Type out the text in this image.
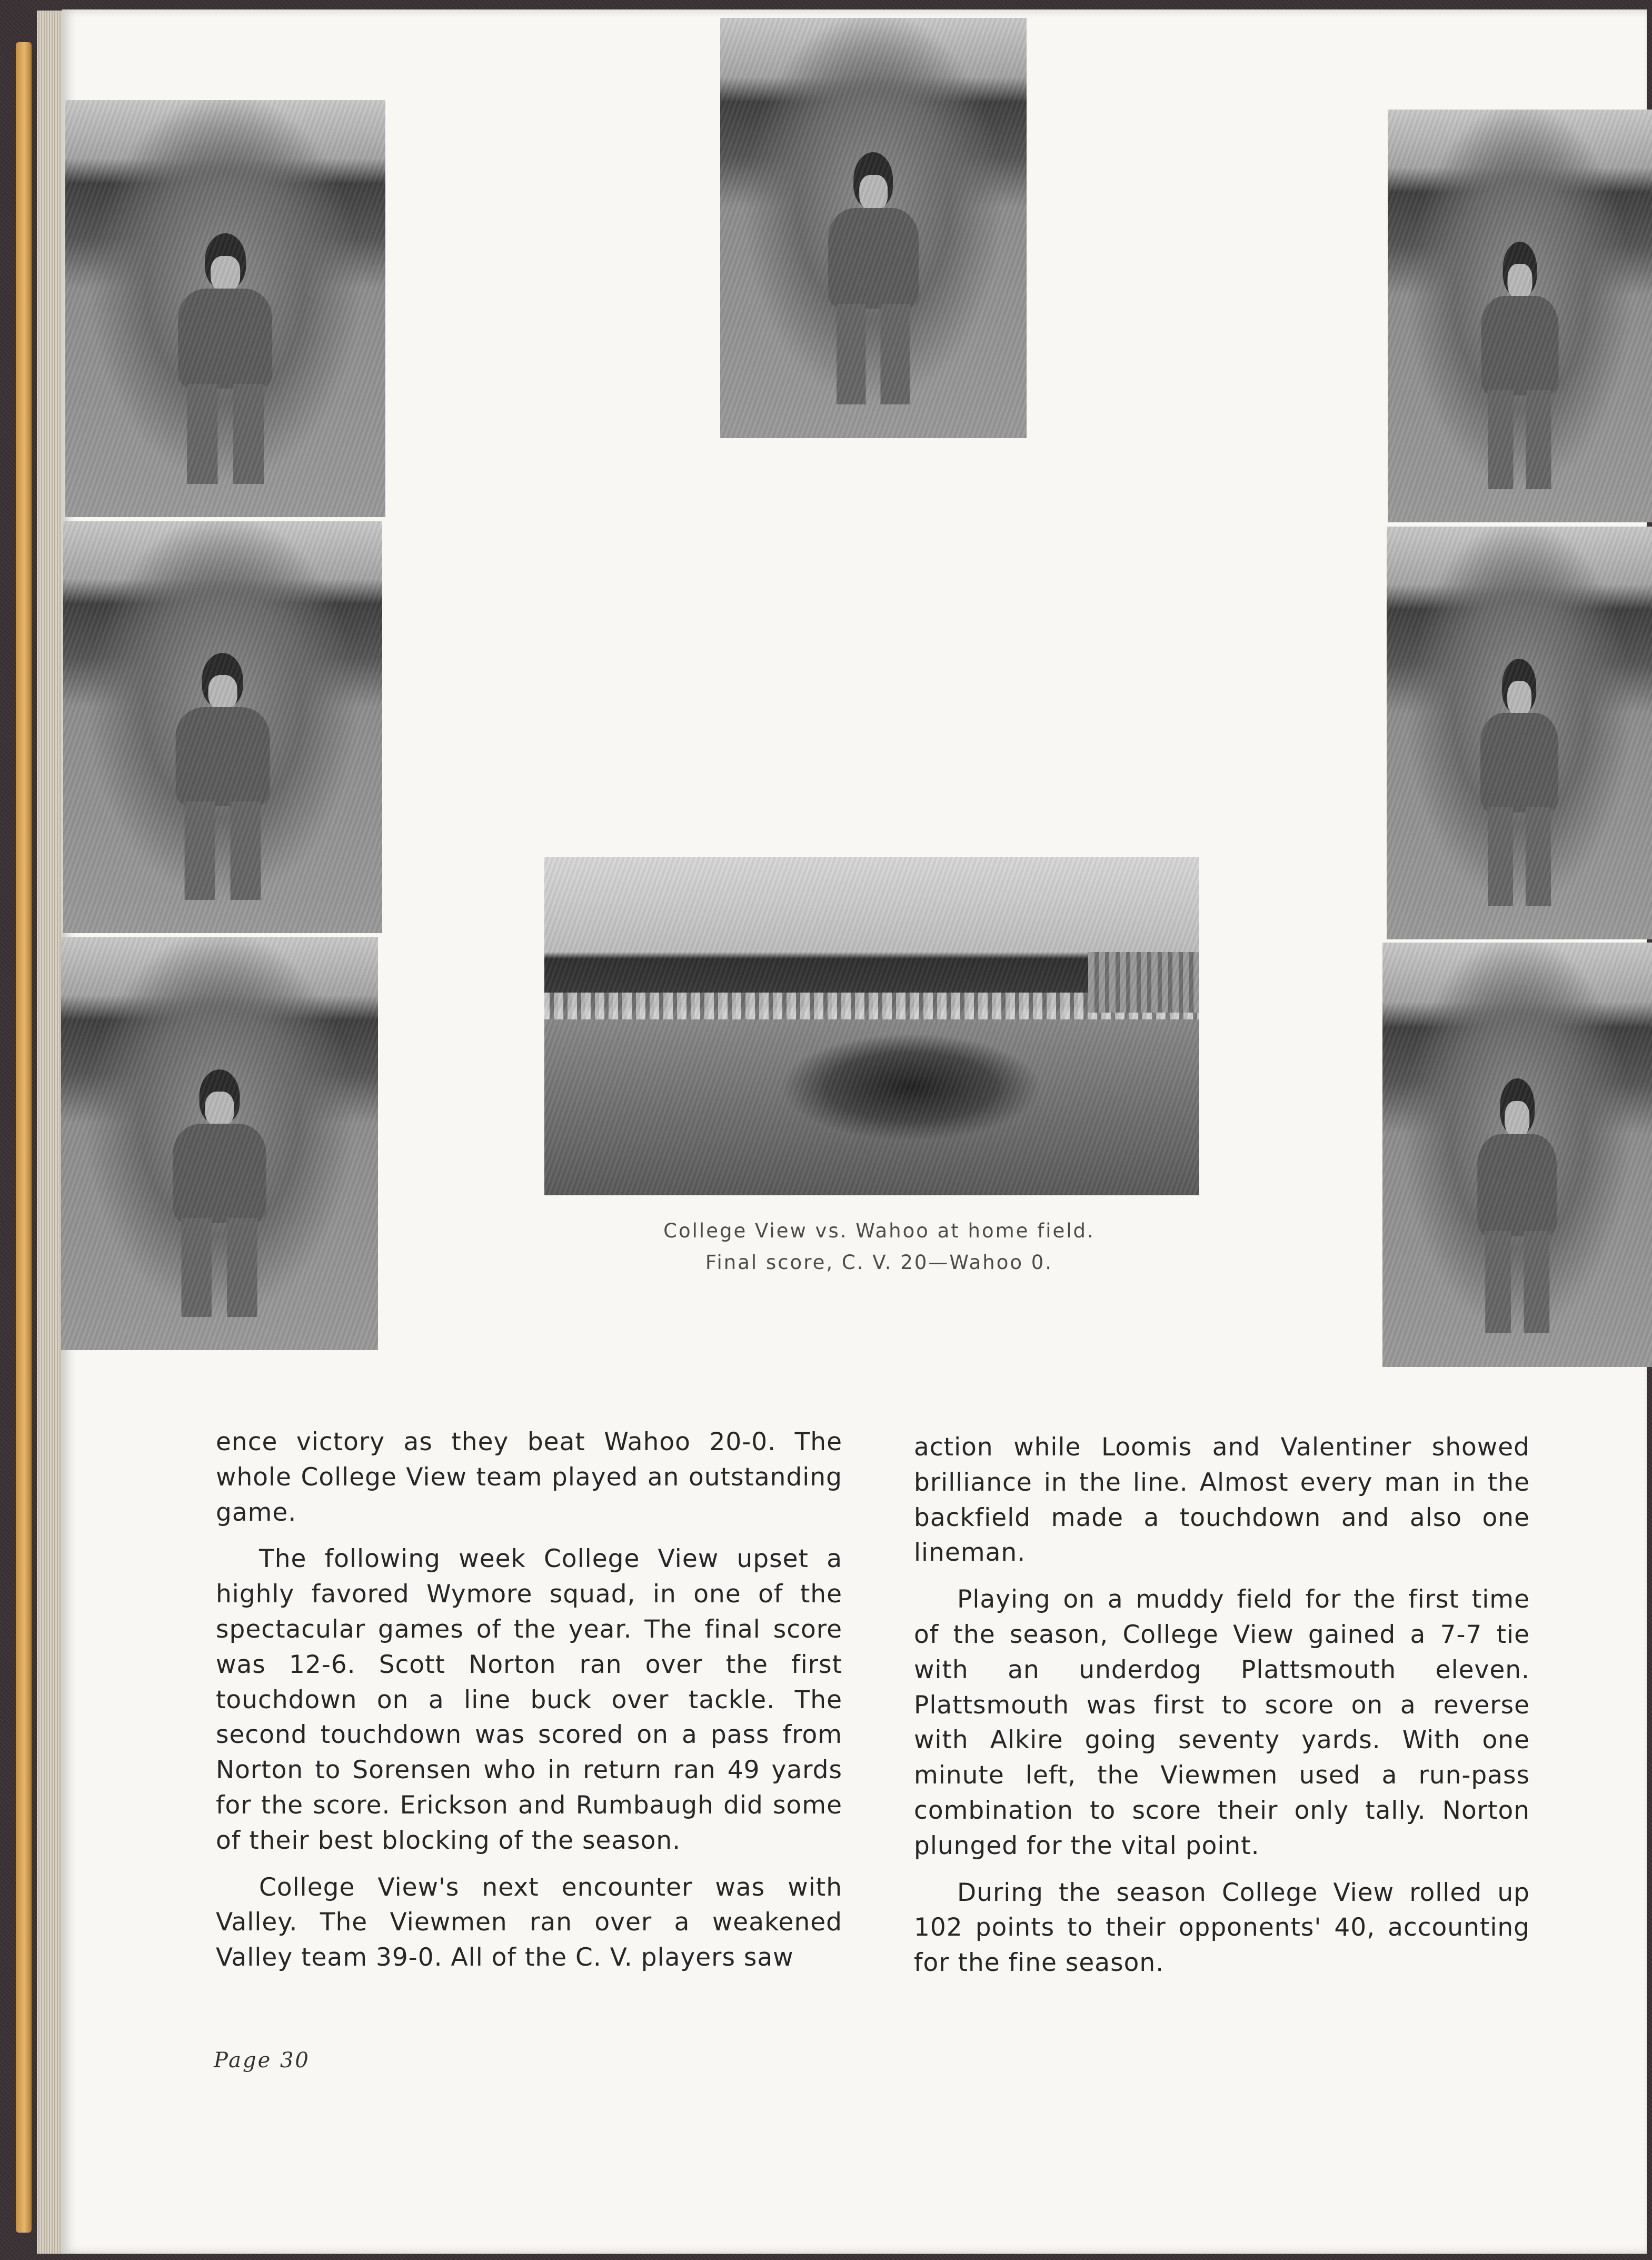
College View vs. Wahoo at home field.
Final score, C. V. 20—Wahoo 0.

ence victory as they beat Wahoo 20-0. The whole College View team played an outstanding game.

The following week College View upset a highly favored Wymore squad, in one of the spectacular games of the year. The final score was 12-6. Scott Norton ran over the first touchdown on a line buck over tackle. The second touchdown was scored on a pass from Norton to Sorensen who in return ran 49 yards for the score. Erickson and Rumbaugh did some of their best blocking of the season.

College View's next encounter was with Valley. The Viewmen ran over a weakened Valley team 39-0. All of the C. V. players saw

action while Loomis and Valentiner showed brilliance in the line. Almost every man in the backfield made a touchdown and also one lineman.

Playing on a muddy field for the first time of the season, College View gained a 7-7 tie with an underdog Plattsmouth eleven. Plattsmouth was first to score on a reverse with Alkire going seventy yards. With one minute left, the Viewmen used a run-pass combination to score their only tally. Norton plunged for the vital point.

During the season College View rolled up 102 points to their opponents' 40, accounting for the fine season.

Page 30
